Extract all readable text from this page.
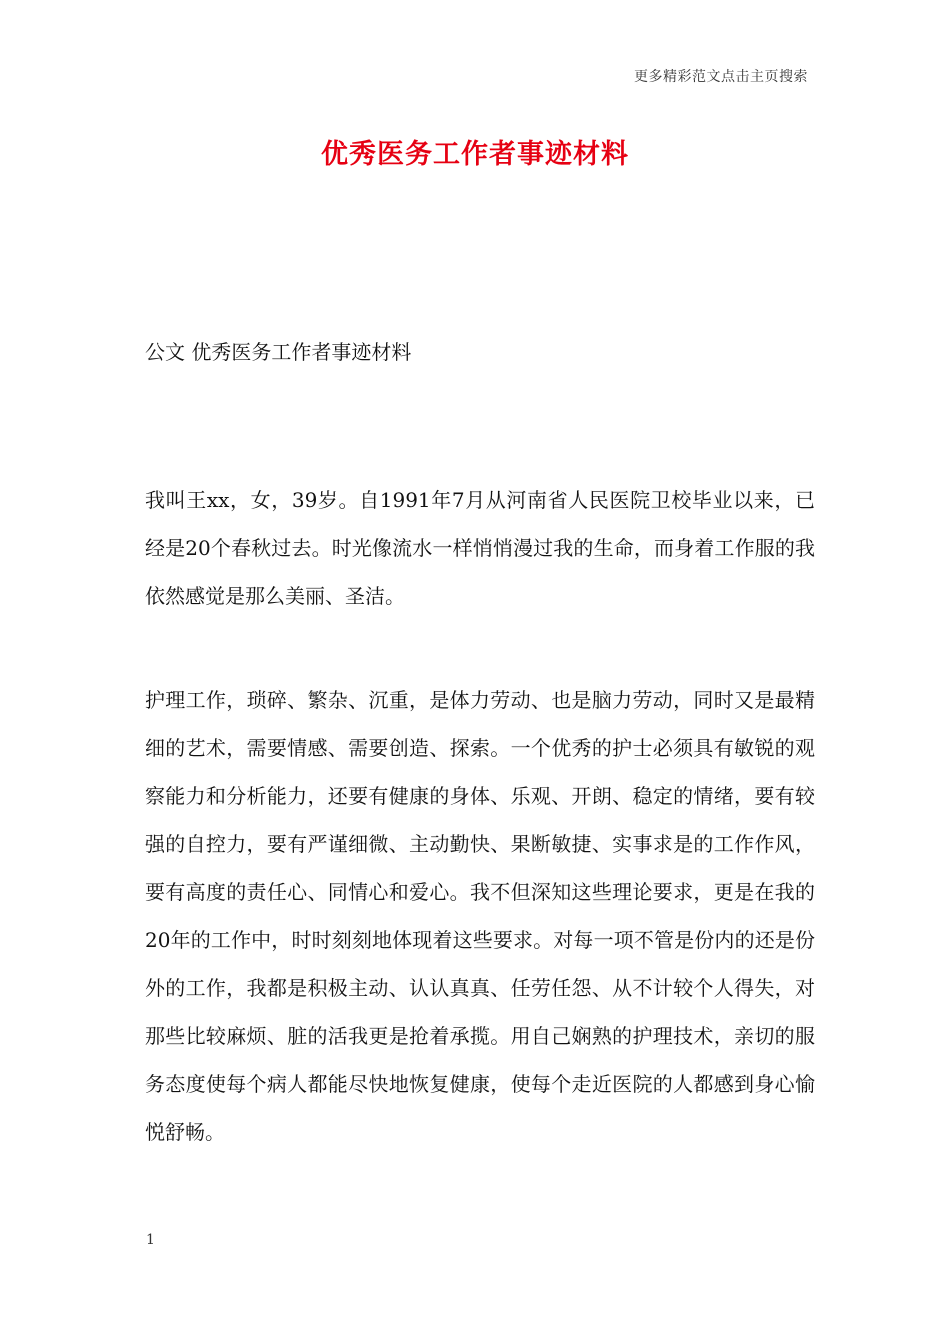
更多精彩范文点击主页搜索
优秀医务工作者事迹材料
公文 优秀医务工作者事迹材料

我叫王xx，女，39岁。自1991年7月从河南省人民医院卫校毕业以来，已经是20个春秋过去。时光像流水一样悄悄漫过我的生命，而身着工作服的我依然感觉是那么美丽、圣洁。

护理工作，琐碎、繁杂、沉重，是体力劳动、也是脑力劳动，同时又是最精细的艺术，需要情感、需要创造、探索。一个优秀的护士必须具有敏锐的观察能力和分析能力，还要有健康的身体、乐观、开朗、稳定的情绪，要有较强的自控力，要有严谨细微、主动勤快、果断敏捷、实事求是的工作作风，要有高度的责任心、同情心和爱心。我不但深知这些理论要求，更是在我的20年的工作中，时时刻刻地体现着这些要求。对每一项不管是份内的还是份外的工作，我都是积极主动、认认真真、任劳任怨、从不计较个人得失，对那些比较麻烦、脏的活我更是抢着承揽。用自己娴熟的护理技术，亲切的服务态度使每个病人都能尽快地恢复健康，使每个走近医院的人都感到身心愉悦舒畅。

1
